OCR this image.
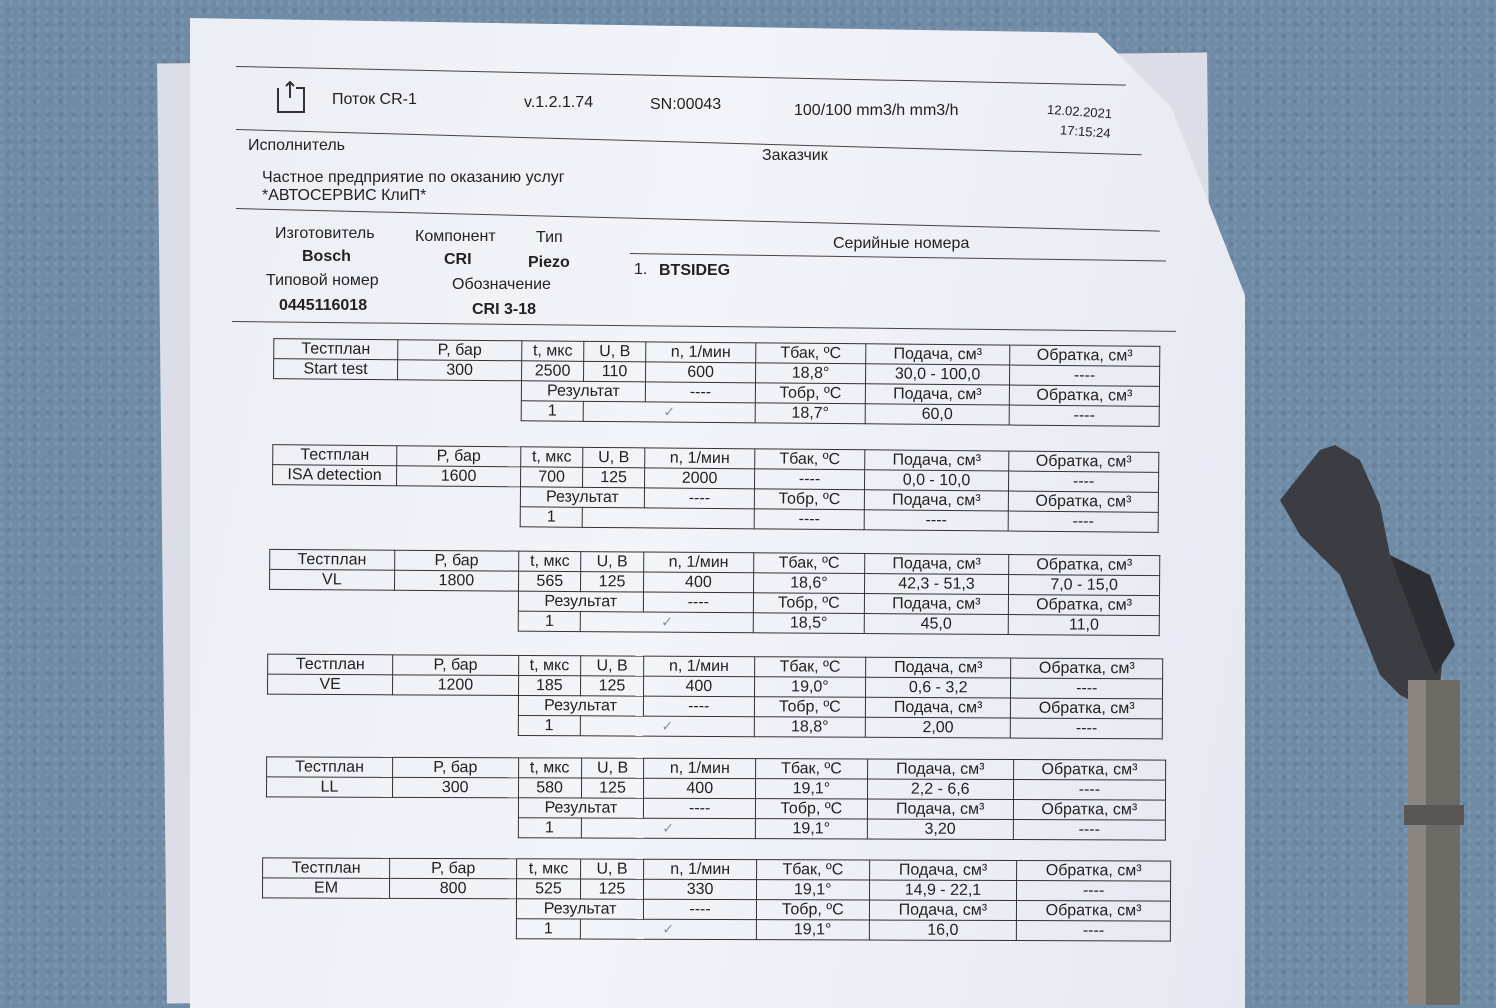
Поток CR-1	v.1.2.1.74	SN:00043	100/100 mm3/h mm3/h	12.02.2021
17:15:24
Исполнитель
Заказчик
Частное предприятие по оказанию услуг
*АВТОСЕРВИС КлиП*
Изготовитель
Bosch
Компонент
CRI
Тип
Piezo
Типовой номер
0445116018
Обозначение
CRI 3-18
Серийные номера
1. BTSIDEG
Тестплан	P, бар	t, мкс	U, В	n, 1/мин	Тбак, ºС	Подача, см³	Обратка, см³
Start test	300	2500	110	600	18,8°	30,0 - 100,0	----
		Результат		----	Тобр, ºС	Подача, см³	Обратка, см³
		1	✓		18,7°	60,0	----
Тестплан	P, бар	t, мкс	U, В	n, 1/мин	Тбак, ºС	Подача, см³	Обратка, см³
ISA detection	1600	700	125	2000	----	0,0 - 10,0	----
		Результат		----	Тобр, ºС	Подача, см³	Обратка, см³
		1			----	----	----
Тестплан	P, бар	t, мкс	U, В	n, 1/мин	Тбак, ºС	Подача, см³	Обратка, см³
VL	1800	565	125	400	18,6°	42,3 - 51,3	7,0 - 15,0
		Результат		----	Тобр, ºС	Подача, см³	Обратка, см³
		1	✓		18,5°	45,0	11,0
Тестплан	P, бар	t, мкс	U, В	n, 1/мин	Тбак, ºС	Подача, см³	Обратка, см³
VE	1200	185	125	400	19,0°	0,6 - 3,2	----
		Результат		----	Тобр, ºС	Подача, см³	Обратка, см³
		1	✓		18,8°	2,00	----
Тестплан	P, бар	t, мкс	U, В	n, 1/мин	Тбак, ºС	Подача, см³	Обратка, см³
LL	300	580	125	400	19,1°	2,2 - 6,6	----
		Результат		----	Тобр, ºС	Подача, см³	Обратка, см³
		1	✓		19,1°	3,20	----
Тестплан	P, бар	t, мкс	U, В	n, 1/мин	Тбак, ºС	Подача, см³	Обратка, см³
EM	800	525	125	330	19,1°	14,9 - 22,1	----
		Результат		----	Тобр, ºС	Подача, см³	Обратка, см³
		1	✓		19,1°	16,0	----
